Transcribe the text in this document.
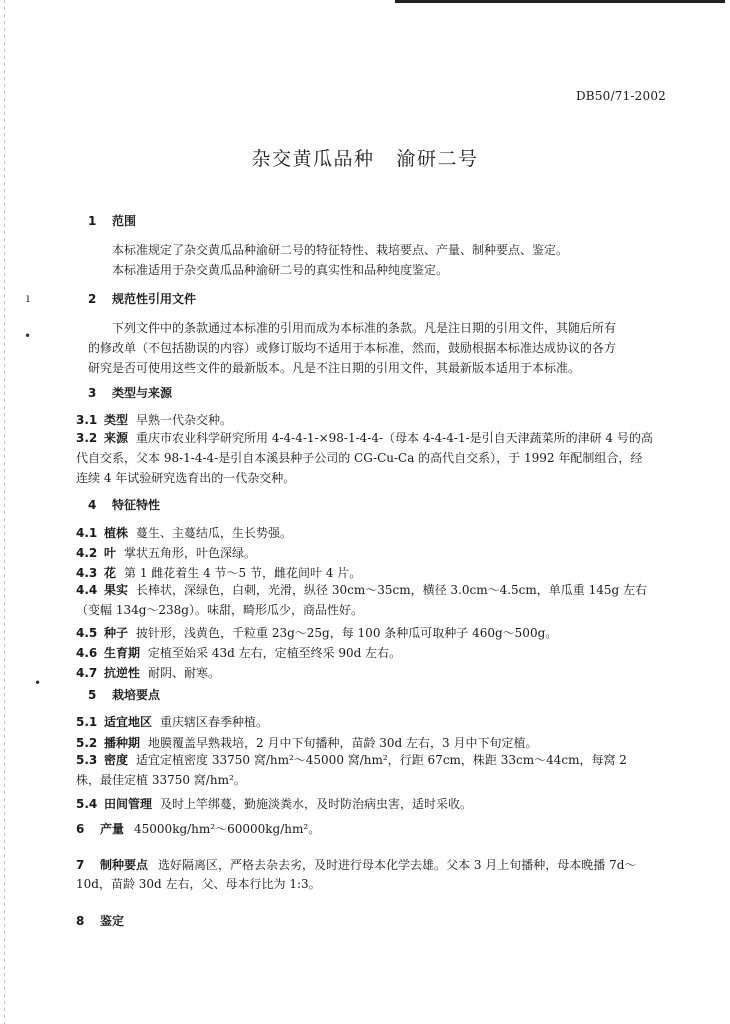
DB50/71-2002
杂交黄瓜品种 渝研二号
1 范围
本标准规定了杂交黄瓜品种渝研二号的特征特性、栽培要点、产量、制种要点、鉴定。
本标准适用于杂交黄瓜品种渝研二号的真实性和品种纯度鉴定。
ı
•
2 规范性引用文件
下列文件中的条款通过本标准的引用而成为本标准的条款。凡是注日期的引用文件，其随后所有
的修改单（不包括勘误的内容）或修订版均不适用于本标准，然而，鼓励根据本标准达成协议的各方
研究是否可使用这些文件的最新版本。凡是不注日期的引用文件，其最新版本适用于本标准。
3 类型与来源
3.1 类型 早熟一代杂交种。
3.2 来源 重庆市农业科学研究所用 4-4-4-1-×98-1-4-4-（母本 4-4-4-1-是引自天津蔬菜所的津研 4 号的高代自交系，父本 98-1-4-4-是引自本溪县种子公司的 CG-Cu-Ca 的高代自交系），于 1992 年配制组合，经连续 4 年试验研究选育出的一代杂交种。
4 特征特性
4.1 植株 蔓生、主蔓结瓜，生长势强。
4.2 叶 掌状五角形，叶色深绿。
4.3 花 第 1 雌花着生 4 节～5 节，雌花间叶 4 片。
4.4 果实 长棒状，深绿色，白刺，光滑，纵径 30cm～35cm，横径 3.0cm～4.5cm，单瓜重 145g 左右（变幅 134g～238g）。味甜，畸形瓜少，商品性好。
4.5 种子 披针形，浅黄色，千粒重 23g～25g，每 100 条种瓜可取种子 460g～500g。
4.6 生育期 定植至始采 43d 左右，定植至终采 90d 左右。
4.7 抗逆性 耐阴、耐寒。
•
5 栽培要点
5.1 适宜地区 重庆辖区春季种植。
5.2 播种期 地膜覆盖早熟栽培，2 月中下旬播种，苗龄 30d 左右，3 月中下旬定植。
5.3 密度 适宜定植密度 33750 窝/hm²～45000 窝/hm²，行距 67cm，株距 33cm～44cm，每窝 2 株，最佳定植 33750 窝/hm²。
5.4 田间管理 及时上竿绑蔓，勤施淡粪水，及时防治病虫害，适时采收。
6 产量 45000kg/hm²～60000kg/hm²。
7 制种要点 选好隔离区，严格去杂去劣，及时进行母本化学去雄。父本 3 月上旬播种，母本晚播 7d～
10d，苗龄 30d 左右，父、母本行比为 1:3。
8 鉴定
